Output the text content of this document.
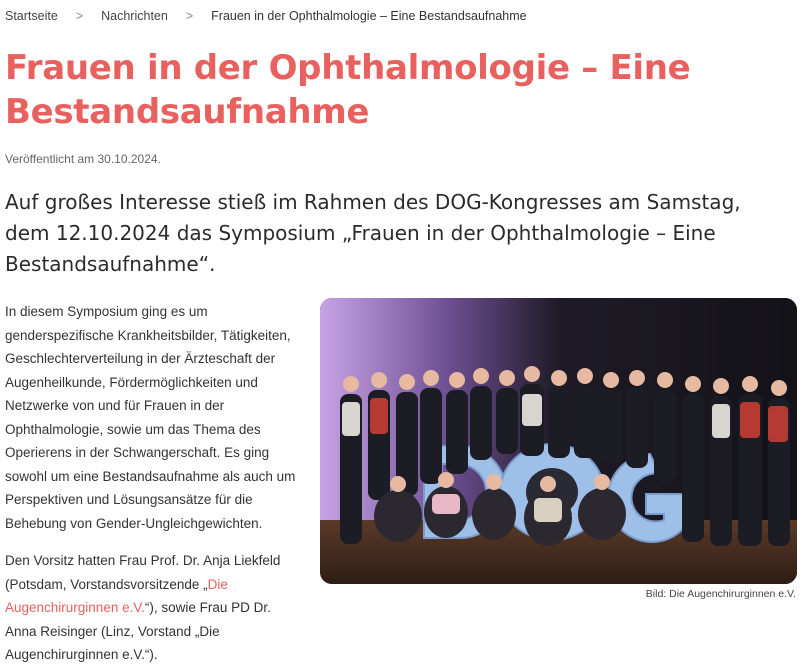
Startseite > Nachrichten > Frauen in der Ophthalmologie – Eine Bestandsaufnahme
Frauen in der Ophthalmologie – Eine Bestandsaufnahme
Veröffentlicht am 30.10.2024.

Auf großes Interesse stieß im Rahmen des DOG-Kongresses am Samstag, dem 12.10.2024 das Symposium „Frauen in der Ophthalmologie – Eine Bestandsaufnahme“.

In diesem Symposium ging es um genderspezifische Krankheitsbilder, Tätigkeiten, Geschlechterverteilung in der Ärzteschaft der Augenheilkunde, Fördermöglichkeiten und Netzwerke von und für Frauen in der Ophthalmologie, sowie um das Thema des Operierens in der Schwangerschaft. Es ging sowohl um eine Bestandsaufnahme als auch um Perspektiven und Lösungsansätze für die Behebung von Gender-Ungleichgewichten.

Den Vorsitz hatten Frau Prof. Dr. Anja Liekfeld (Potsdam, Vorstandsvorsitzende „Die Augenchirurginnen e.V.“), sowie Frau PD Dr. Anna Reisinger (Linz, Vorstand „Die Augenchirurginnen e.V.“).

Bild: Die Augenchirurginnen e.V.
